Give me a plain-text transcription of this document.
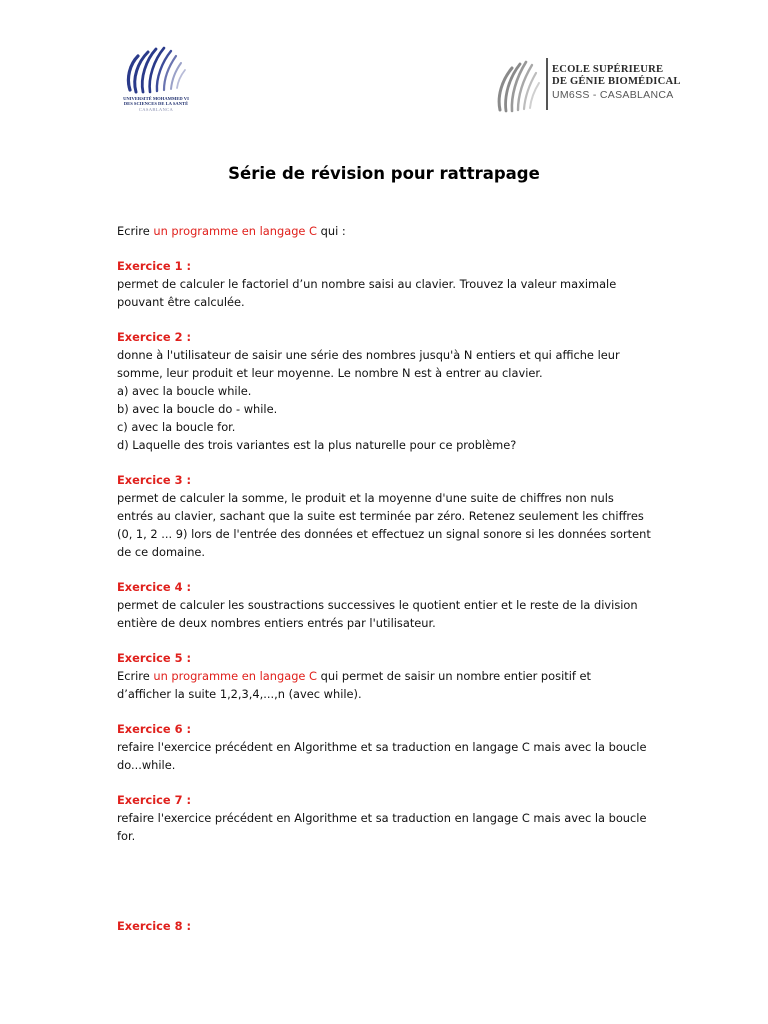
UNIVERSITÉ MOHAMMED VI
DES SCIENCES DE LA SANTÉ
CASABLANCA
ECOLE SUPÉRIEURE
DE GÉNIE BIOMÉDICAL
UM6SS - CASABLANCA
Série de révision pour rattrapage
Ecrire un programme en langage C qui :
Exercice 1 :
permet de calculer le factoriel d’un nombre saisi au clavier. Trouvez la valeur maximale
pouvant être calculée.
Exercice 2 :
donne à l'utilisateur de saisir une série des nombres jusqu'à N entiers et qui affiche leur
somme, leur produit et leur moyenne. Le nombre N est à entrer au clavier.
a) avec la boucle while.
b) avec la boucle do - while.
c) avec la boucle for.
d) Laquelle des trois variantes est la plus naturelle pour ce problème?
Exercice 3 :
permet de calculer la somme, le produit et la moyenne d'une suite de chiffres non nuls
entrés au clavier, sachant que la suite est terminée par zéro. Retenez seulement les chiffres
(0, 1, 2 ... 9) lors de l'entrée des données et effectuez un signal sonore si les données sortent
de ce domaine.
Exercice 4 :
permet de calculer les soustractions successives le quotient entier et le reste de la division
entière de deux nombres entiers entrés par l'utilisateur.
Exercice 5 :
Ecrire un programme en langage C qui permet de saisir un nombre entier positif et
d’afficher la suite 1,2,3,4,...,n (avec while).
Exercice 6 :
refaire l'exercice précédent en Algorithme et sa traduction en langage C mais avec la boucle
do...while.
Exercice 7 :
refaire l'exercice précédent en Algorithme et sa traduction en langage C mais avec la boucle
for.
Exercice 8 :
